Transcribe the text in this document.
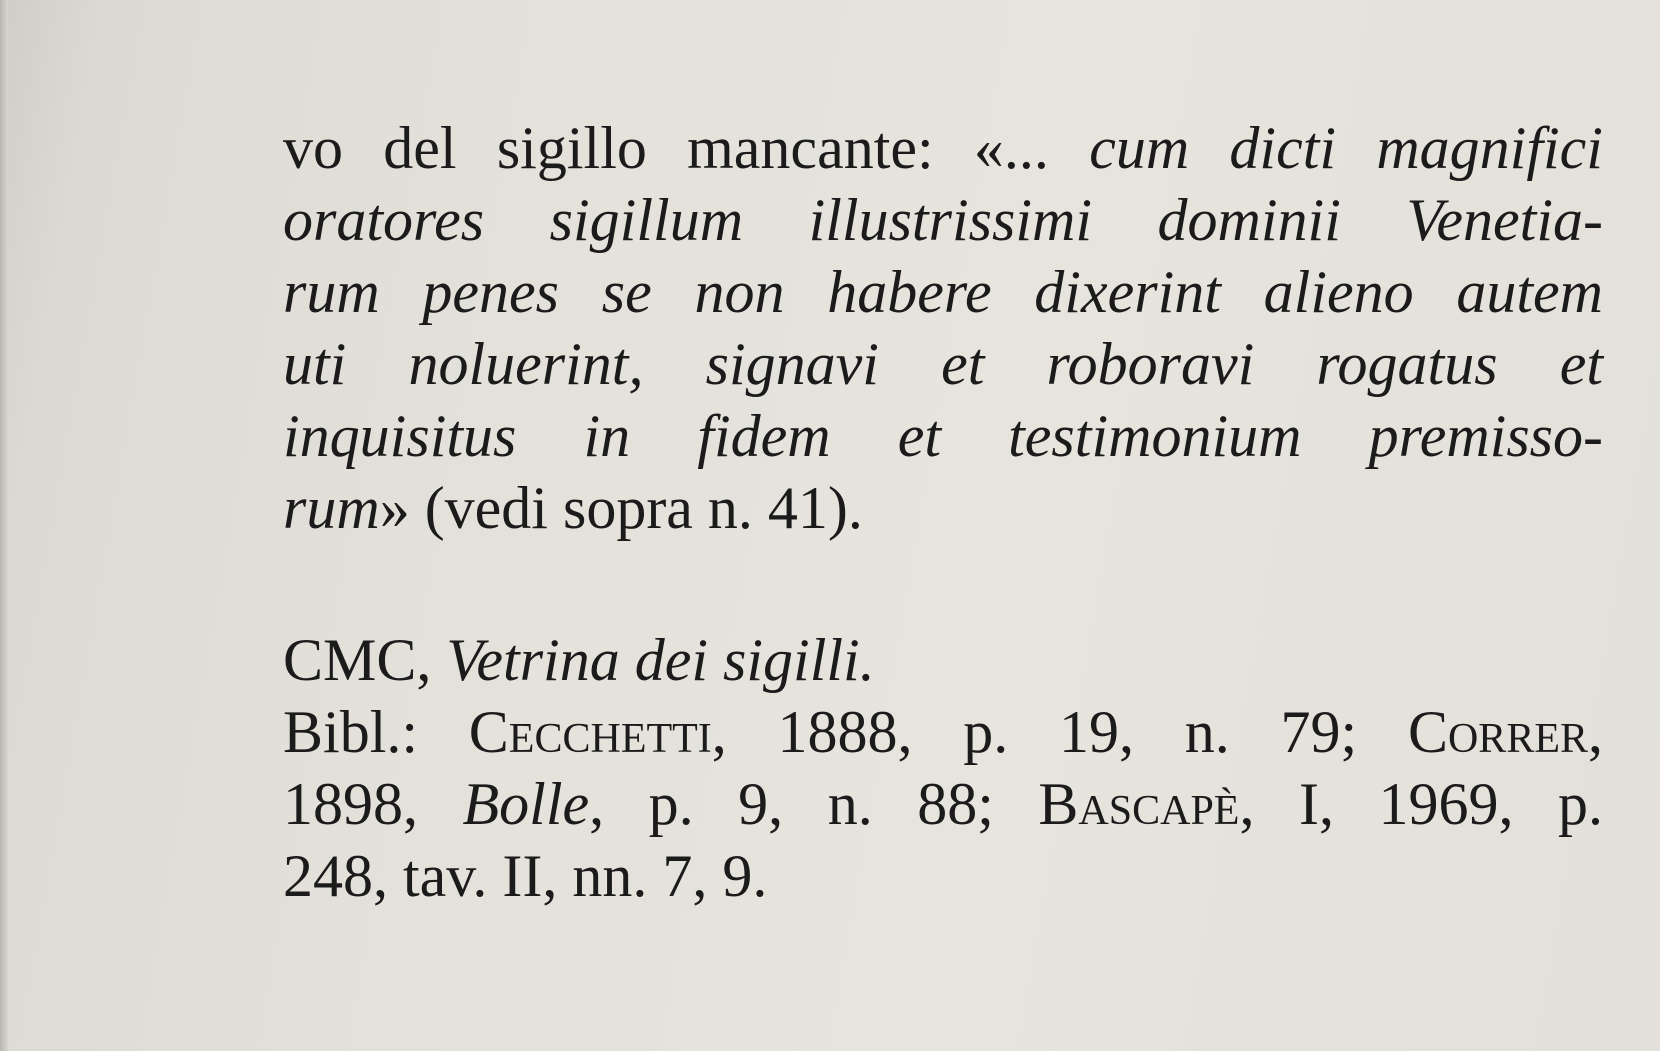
vo del sigillo mancante: «... cum dicti magnifici
oratores sigillum illustrissimi dominii Venetia-
rum penes se non habere dixerint alieno autem
uti noluerint, signavi et roboravi rogatus et
inquisitus in fidem et testimonium premisso-
rum» (vedi sopra n. 41).

CMC, Vetrina dei sigilli.
Bibl.: Cecchetti, 1888, p. 19, n. 79; Correr,
1898, Bolle, p. 9, n. 88; Bascapè, I, 1969, p.
248, tav. II, nn. 7, 9.
